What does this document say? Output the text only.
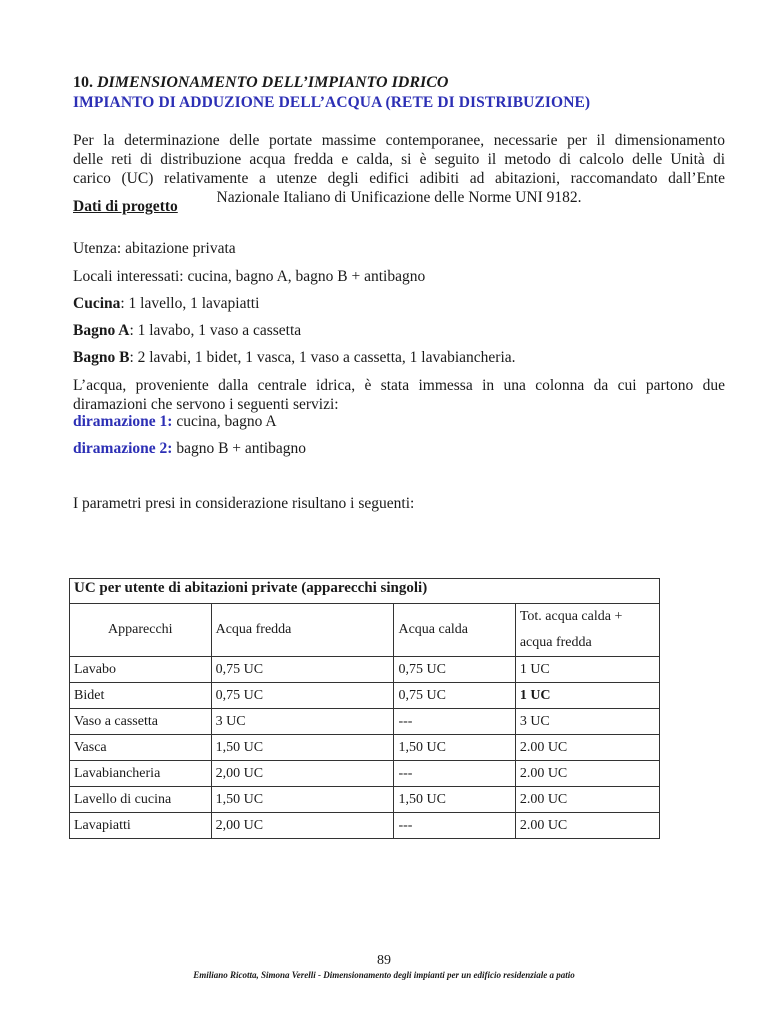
10. DIMENSIONAMENTO DELL’IMPIANTO IDRICO
IMPIANTO DI ADDUZIONE DELL’ACQUA (RETE DI DISTRIBUZIONE)
Per la determinazione delle portate massime contemporanee, necessarie per il dimensionamento
delle reti di distribuzione acqua fredda e calda, si è seguito il metodo di calcolo delle Unità di
carico (UC) relativamente a utenze degli edifici adibiti ad abitazioni, raccomandato dall’Ente
Nazionale Italiano di Unificazione delle Norme UNI 9182.
Dati di progetto
Utenza: abitazione privata
Locali interessati: cucina, bagno A, bagno B + antibagno
Cucina: 1 lavello, 1 lavapiatti
Bagno A: 1 lavabo, 1 vaso a cassetta
Bagno B: 2 lavabi, 1 bidet, 1 vasca, 1 vaso a cassetta, 1 lavabiancheria.
L’acqua, proveniente dalla centrale idrica, è stata immessa in una colonna da cui partono due
diramazioni che servono i seguenti servizi:
diramazione 1: cucina, bagno A
diramazione 2: bagno B + antibagno
I parametri presi in considerazione risultano i seguenti:
UC per utente di abitazioni private (apparecchi singoli)			
Apparecchi	Acqua fredda	Acqua calda	Tot. acqua calda +
acqua fredda
Lavabo	0,75 UC	0,75 UC	1 UC
Bidet	0,75 UC	0,75 UC	1 UC
Vaso a cassetta	3 UC	---	3 UC
Vasca	1,50 UC	1,50 UC	2.00 UC
Lavabiancheria	2,00 UC	---	2.00 UC
Lavello di cucina	1,50 UC	1,50 UC	2.00 UC
Lavapiatti	2,00 UC	---	2.00 UC
89
Emiliano Ricotta, Simona Verelli - Dimensionamento degli impianti per un edificio residenziale a patio
